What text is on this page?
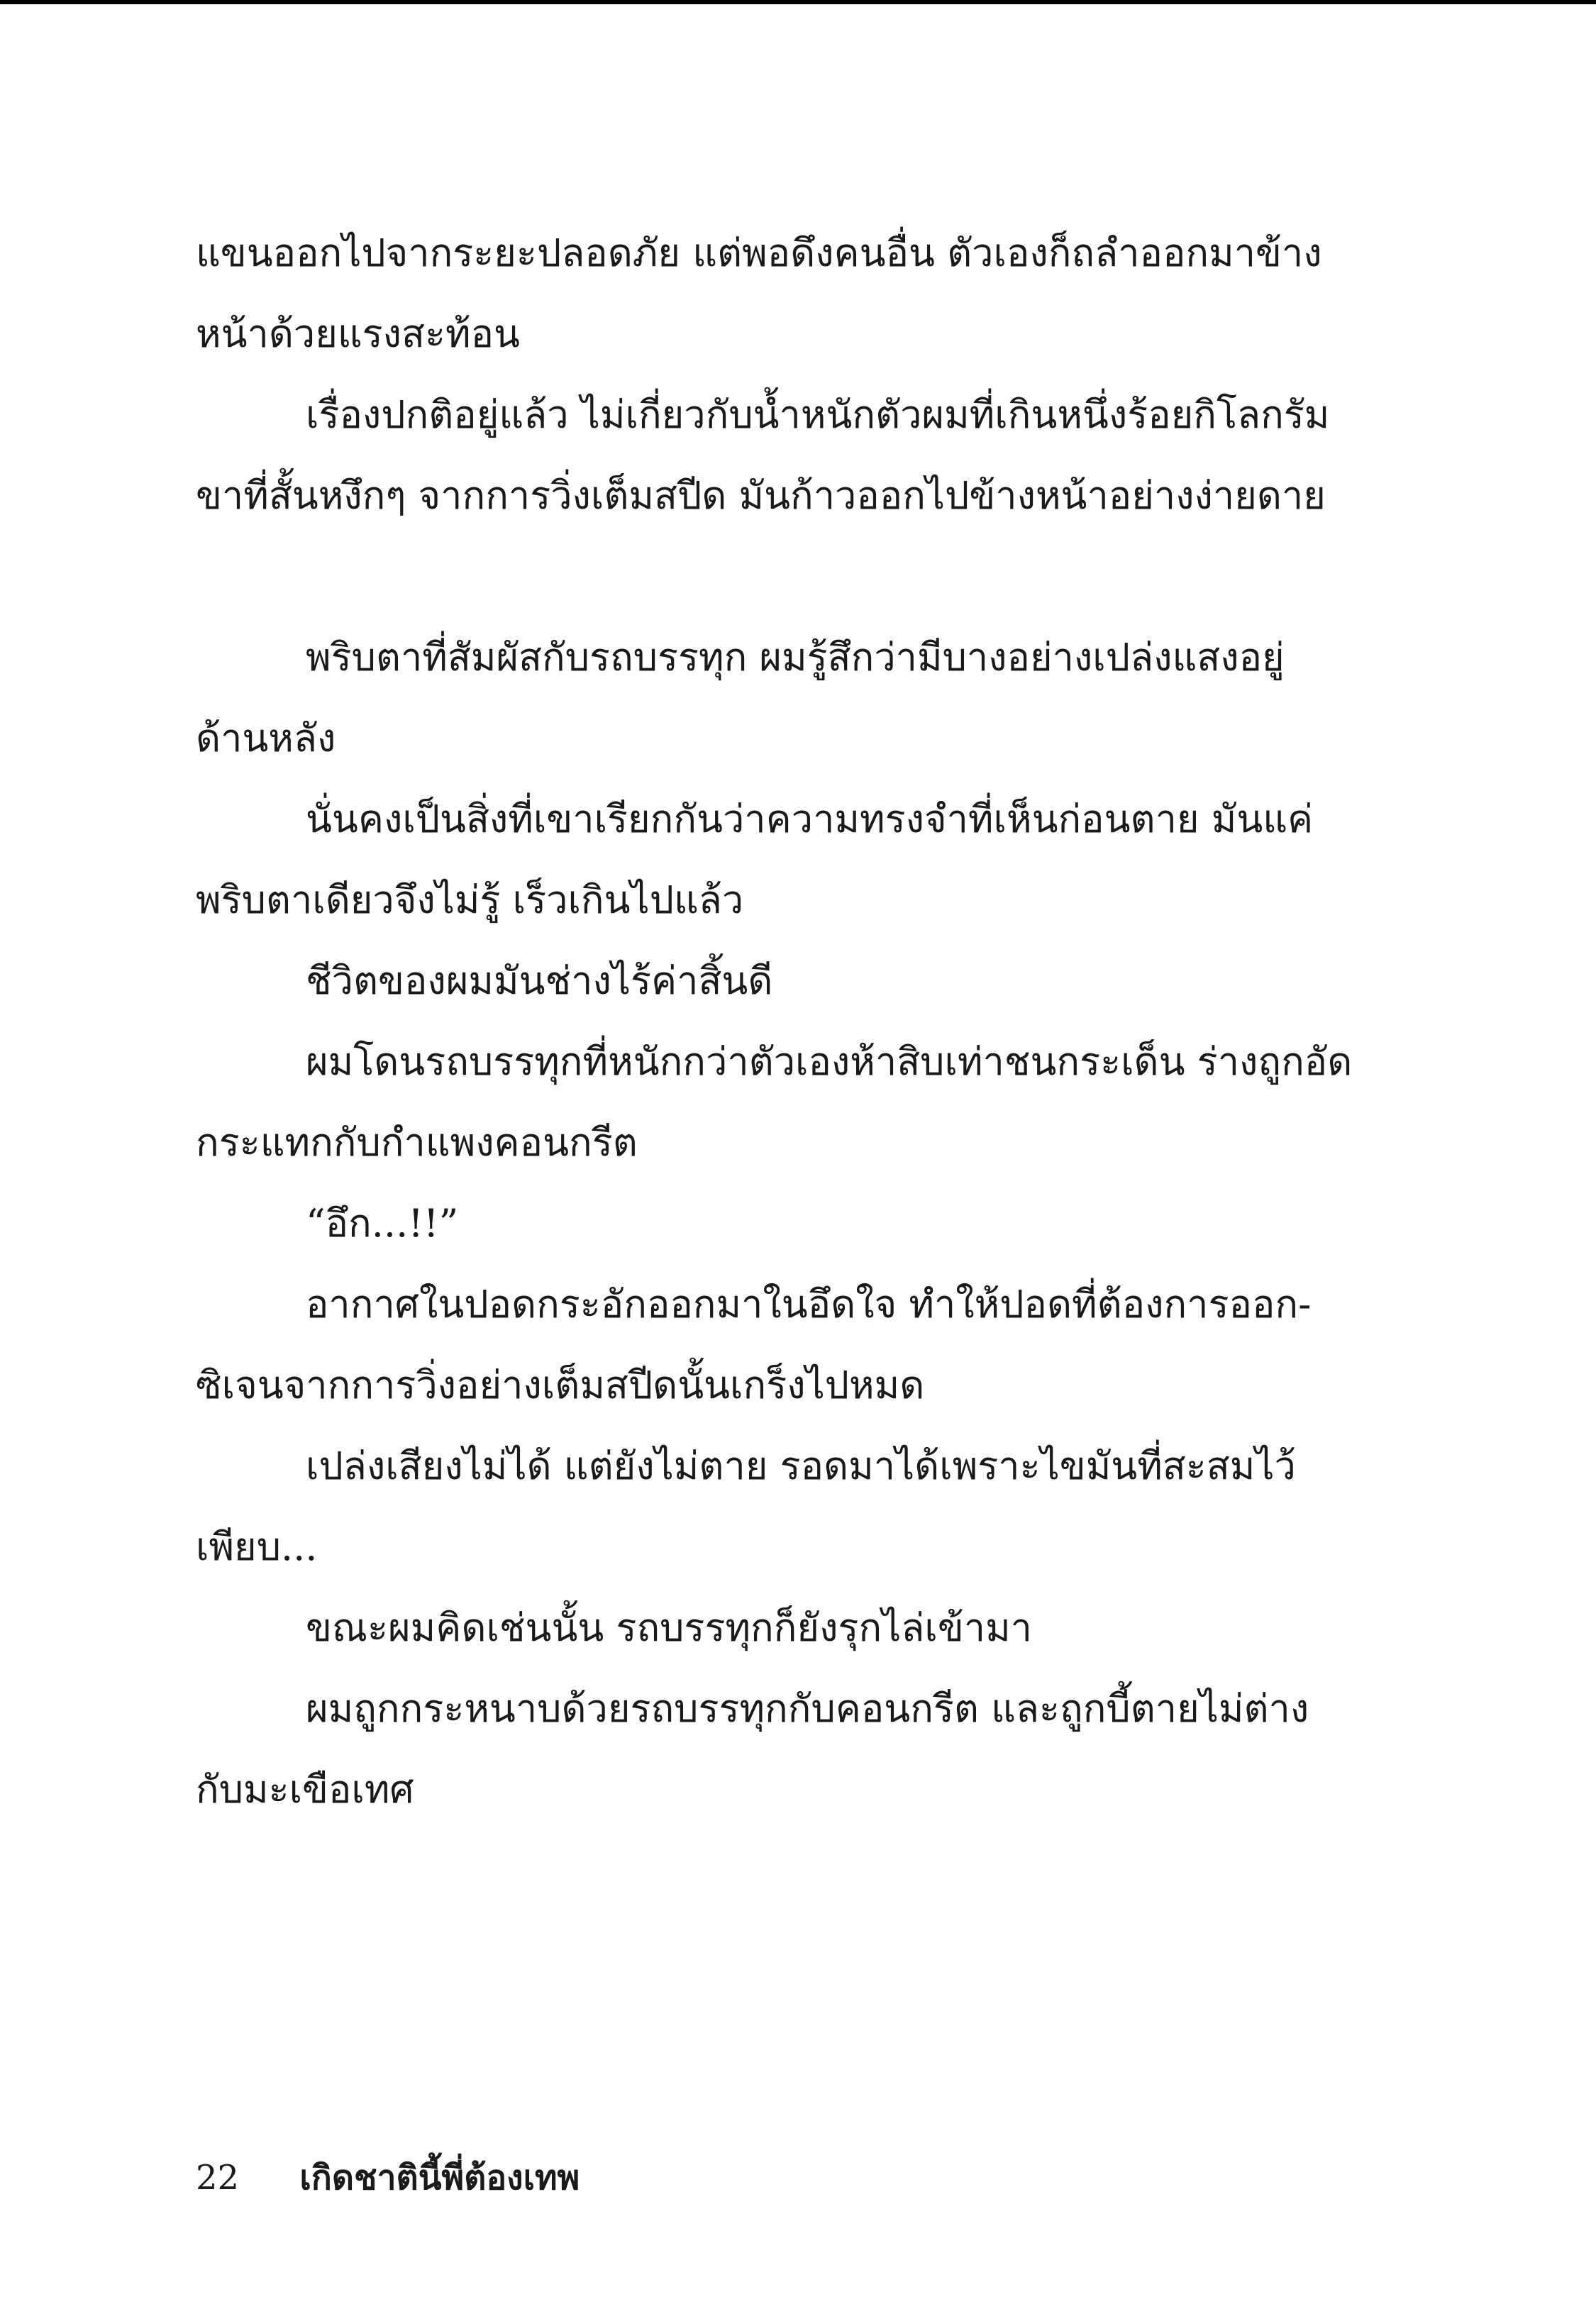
แขนออกไปจากระยะปลอดภัย แต่พอดึงคนอื่น ตัวเองก็ถลำออกมาข้าง
หน้าด้วยแรงสะท้อน
เรื่องปกติอยู่แล้ว ไม่เกี่ยวกับน้ำหนักตัวผมที่เกินหนึ่งร้อยกิโลกรัม
ขาที่สั้นหงึกๆ จากการวิ่งเต็มสปีด มันก้าวออกไปข้างหน้าอย่างง่ายดาย
พริบตาที่สัมผัสกับรถบรรทุก ผมรู้สึกว่ามีบางอย่างเปล่งแสงอยู่
ด้านหลัง
นั่นคงเป็นสิ่งที่เขาเรียกกันว่าความทรงจำที่เห็นก่อนตาย มันแค่
พริบตาเดียวจึงไม่รู้ เร็วเกินไปแล้ว
ชีวิตของผมมันช่างไร้ค่าสิ้นดี
ผมโดนรถบรรทุกที่หนักกว่าตัวเองห้าสิบเท่าชนกระเด็น ร่างถูกอัด
กระแทกกับกำแพงคอนกรีต
“อึก...!!”
อากาศในปอดกระอักออกมาในอึดใจ ทำให้ปอดที่ต้องการออก-
ซิเจนจากการวิ่งอย่างเต็มสปีดนั้นเกร็งไปหมด
เปล่งเสียงไม่ได้ แต่ยังไม่ตาย รอดมาได้เพราะไขมันที่สะสมไว้
เพียบ...
ขณะผมคิดเช่นนั้น รถบรรทุกก็ยังรุกไล่เข้ามา
ผมถูกกระหนาบด้วยรถบรรทุกกับคอนกรีต และถูกบี้ตายไม่ต่าง
กับมะเขือเทศ
22 เกิดชาตินี้พี่ต้องเทพ
